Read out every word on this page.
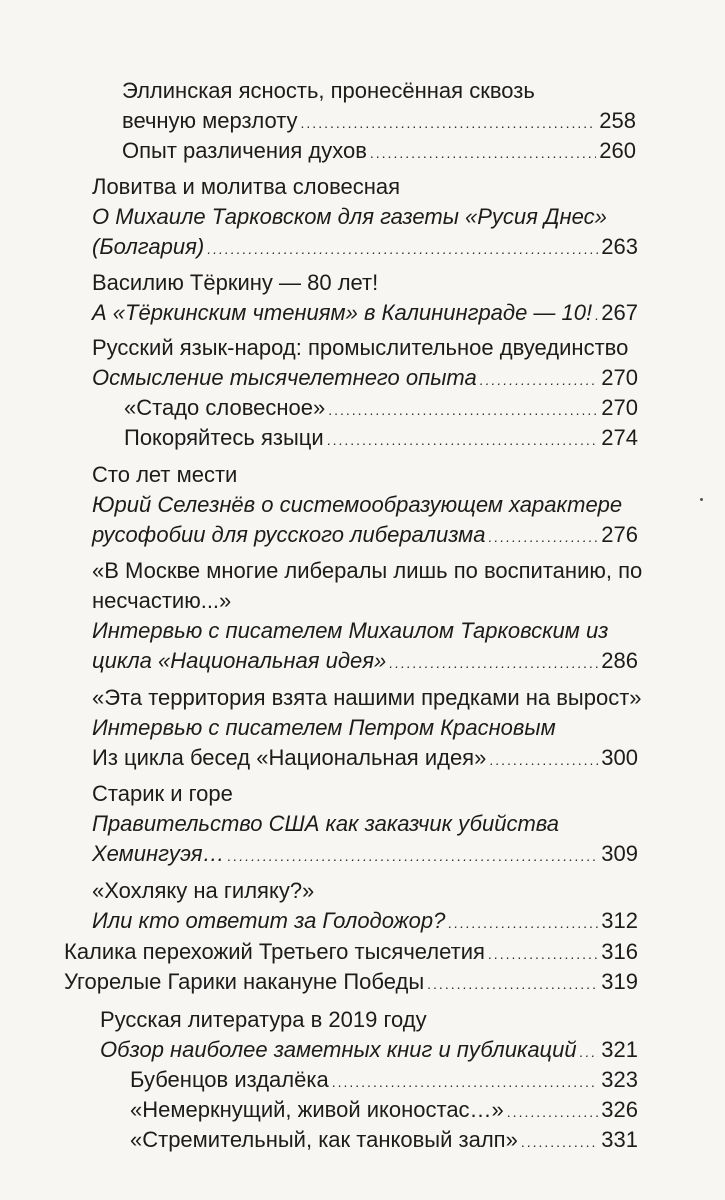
Эллинская ясность, пронесённая сквозь
вечную мерзлоту .....	258
Опыт различения духов .....	260
Ловитва и молитва словесная
О Михаиле Тарковском для газеты «Русия Днес»
(Болгария) .....	263
Василию Тёркину — 80 лет!
А «Тёркинским чтениям» в Калининграде — 10! ..... 267
Русский язык-народ: промыслительное двуединство
Осмысление тысячелетнего опыта .....	270
«Стадо словесное» .....	270
Покоряйтесь языци .....	274
Сто лет мести
Юрий Селезнёв о системообразующем характере
русофобии для русского либерализма .....	276
«В Москве многие либералы лишь по воспитанию, по
несчастию...»
Интервью с писателем Михаилом Тарковским из
цикла «Национальная идея» .....	286
«Эта территория взята нашими предками на вырост»
Интервью с писателем Петром Красновым
Из цикла бесед «Национальная идея» .....	300
Старик и горе
Правительство США как заказчик убийства
Хемингуэя… .....	309
«Хохляку на гиляку?»
Или кто ответит за Голодожор? .....	312
Калика перехожий Третьего тысячелетия .....	316
Угорелые Гарики накануне Победы .....	319
Русская литература в 2019 году
Обзор наиболее заметных книг и публикаций ..... 321
Бубенцов издалёка .....	323
«Немеркнущий, живой иконостас…» .....	326
«Стремительный, как танковый залп» .....	331
